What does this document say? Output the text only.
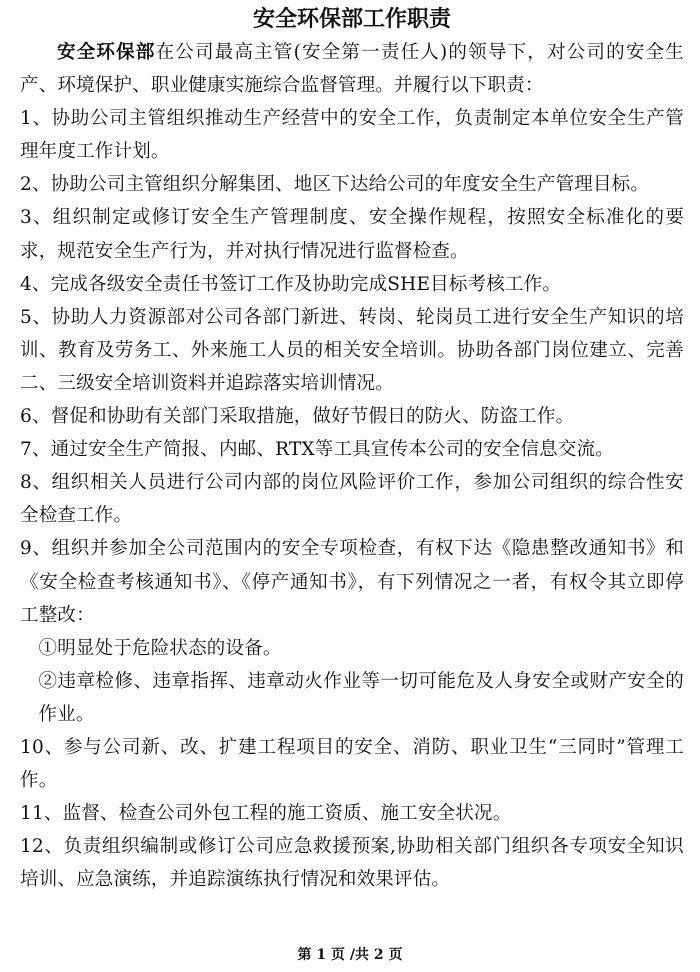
安全环保部工作职责

安全环保部在公司最高主管(安全第一责任人)的领导下，对公司的安全生产、环境保护、职业健康实施综合监督管理。并履行以下职责：

1、协助公司主管组织推动生产经营中的安全工作，负责制定本单位安全生产管理年度工作计划。

2、协助公司主管组织分解集团、地区下达给公司的年度安全生产管理目标。

3、组织制定或修订安全生产管理制度、安全操作规程，按照安全标准化的要求，规范安全生产行为，并对执行情况进行监督检查。

4、完成各级安全责任书签订工作及协助完成SHE目标考核工作。

5、协助人力资源部对公司各部门新进、转岗、轮岗员工进行安全生产知识的培训、教育及劳务工、外来施工人员的相关安全培训。协助各部门岗位建立、完善二、三级安全培训资料并追踪落实培训情况。

6、督促和协助有关部门采取措施，做好节假日的防火、防盗工作。

7、通过安全生产简报、内邮、RTX等工具宣传本公司的安全信息交流。

8、组织相关人员进行公司内部的岗位风险评价工作，参加公司组织的综合性安全检查工作。

9、组织并参加全公司范围内的安全专项检查，有权下达《隐患整改通知书》和《安全检查考核通知书》、《停产通知书》，有下列情况之一者，有权令其立即停工整改：

①明显处于危险状态的设备。

②违章检修、违章指挥、违章动火作业等一切可能危及人身安全或财产安全的作业。

10、参与公司新、改、扩建工程项目的安全、消防、职业卫生“三同时”管理工作。

11、监督、检查公司外包工程的施工资质、施工安全状况。

12、负责组织编制或修订公司应急救援预案,协助相关部门组织各专项安全知识培训、应急演练，并追踪演练执行情况和效果评估。

第 1 页 /共 2 页
